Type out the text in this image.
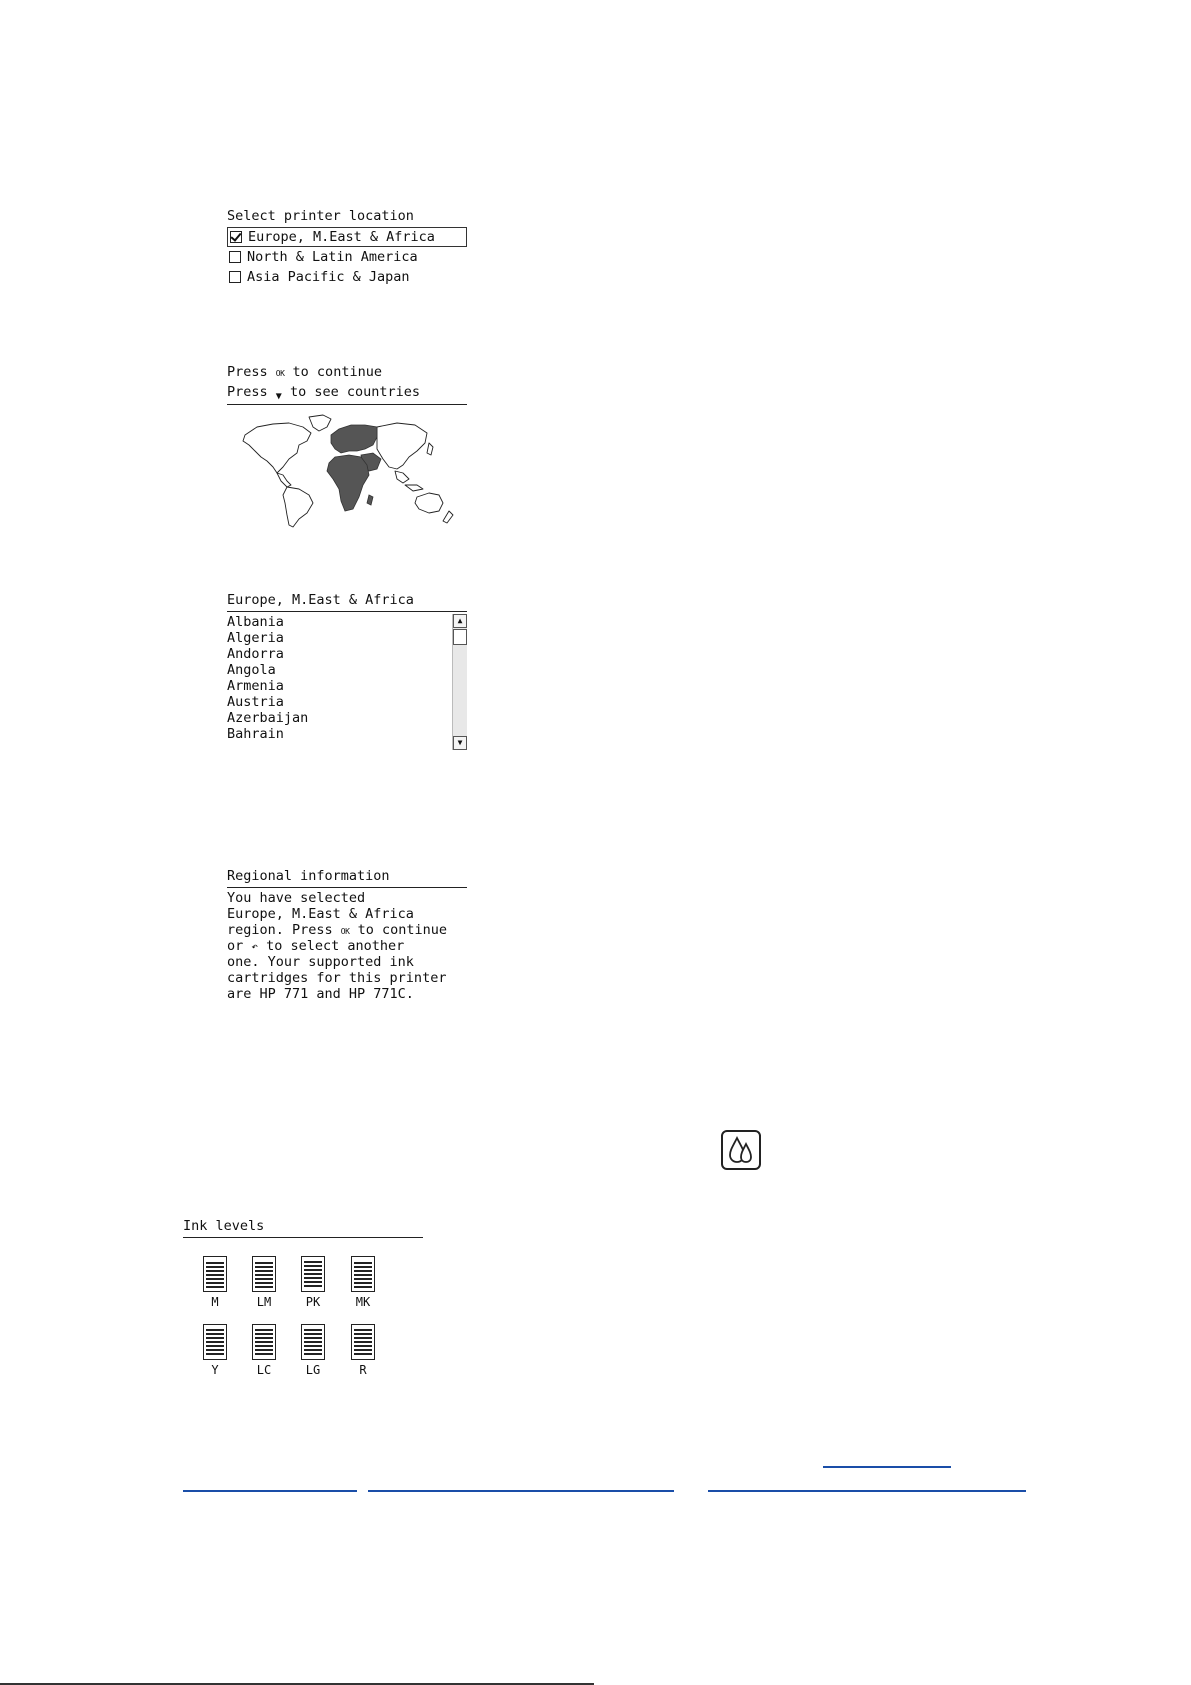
Select printer location
Europe, M.East & Africa
North & Latin America
Asia Pacific & Japan
Press OK to continue
Press ▼ to see countries
Europe, M.East & Africa
Albania
Algeria
Andorra
Angola
Armenia
Austria
Azerbaijan
Bahrain
▲
▼
Regional information
You have selected
Europe, M.East & Africa
region. Press OK to continue
or ↶ to select another
one. Your supported ink
cartridges for this printer
are HP 771 and HP 771C.
Ink levels
M	LM	PK	MK
Y	LC	LG	R
